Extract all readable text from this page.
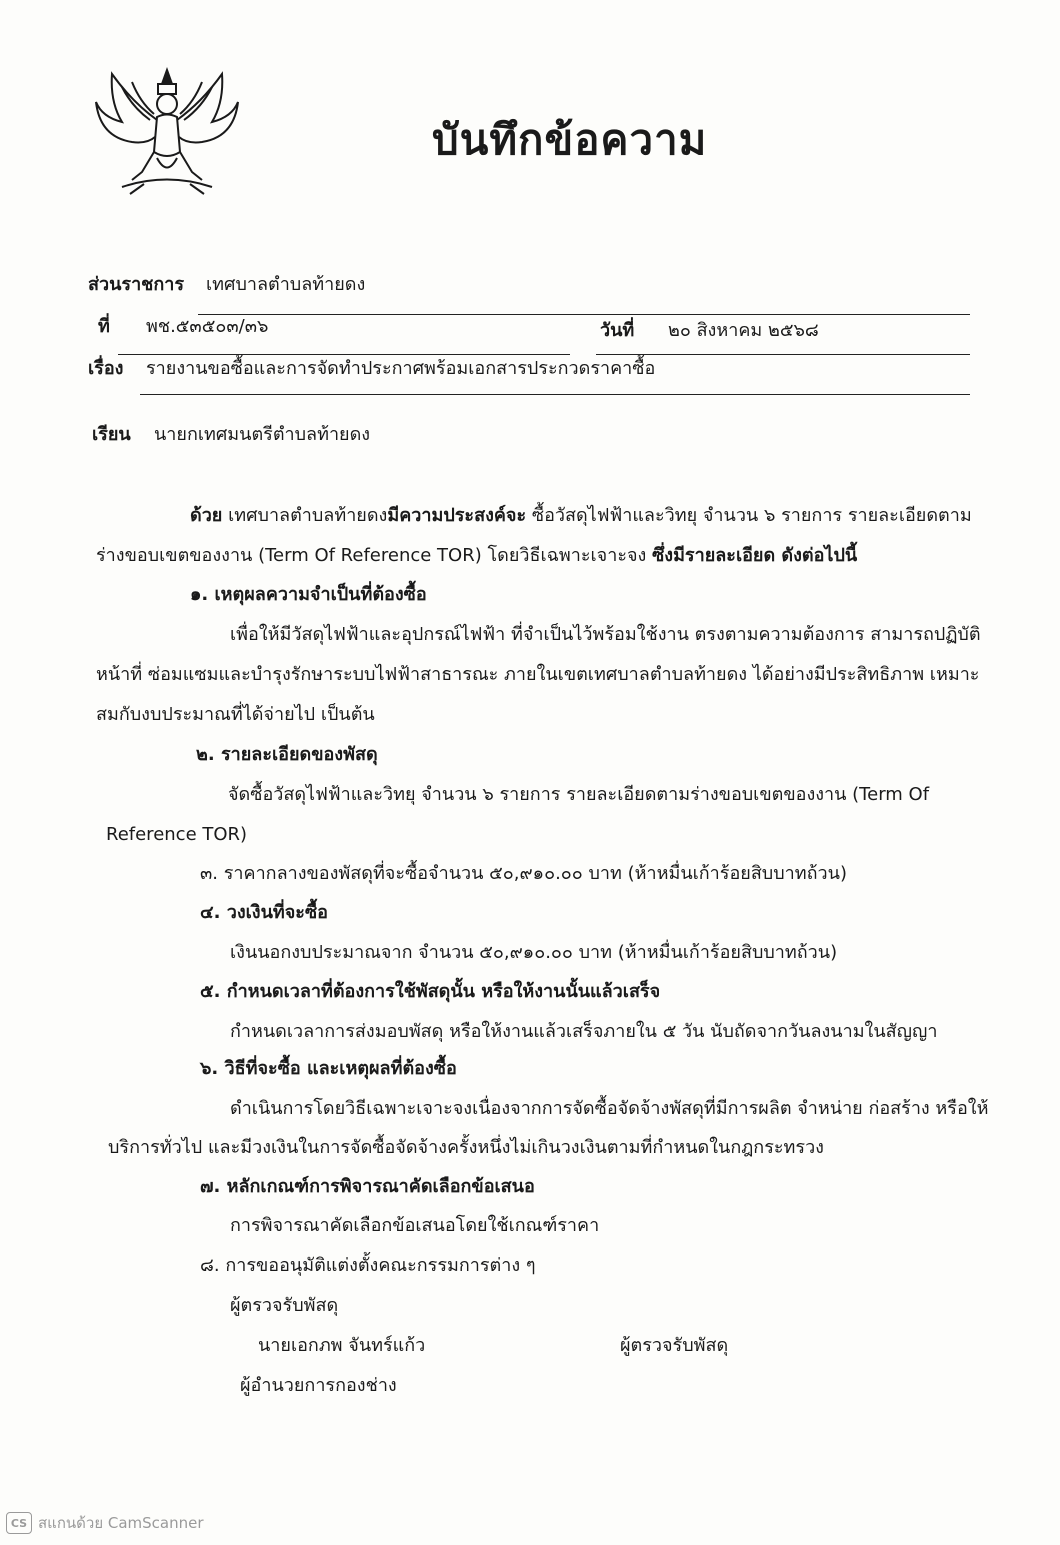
บันทึกข้อความ
ส่วนราชการ เทศบาลตำบลท้ายดง
ที่ พช.๕๓๕๐๓/๓๖	วันที่ ๒๐ สิงหาคม ๒๕๖๘
เรื่อง รายงานขอซื้อและการจัดทำประกาศพร้อมเอกสารประกวดราคาซื้อ
เรียน นายกเทศมนตรีตำบลท้ายดง
ด้วย เทศบาลตำบลท้ายดงมีความประสงค์จะ ซื้อวัสดุไฟฟ้าและวิทยุ จำนวน ๖ รายการ รายละเอียดตาม
ร่างขอบเขตของงาน (Term Of Reference TOR) โดยวิธีเฉพาะเจาะจง ซึ่งมีรายละเอียด ดังต่อไปนี้
๑. เหตุผลความจำเป็นที่ต้องซื้อ
เพื่อให้มีวัสดุไฟฟ้าและอุปกรณ์ไฟฟ้า ที่จำเป็นไว้พร้อมใช้งาน ตรงตามความต้องการ สามารถปฏิบัติ
หน้าที่ ซ่อมแซมและบำรุงรักษาระบบไฟฟ้าสาธารณะ ภายในเขตเทศบาลตำบลท้ายดง ได้อย่างมีประสิทธิภาพ เหมาะ
สมกับงบประมาณที่ได้จ่ายไป เป็นต้น
๒. รายละเอียดของพัสดุ
จัดซื้อวัสดุไฟฟ้าและวิทยุ จำนวน ๖ รายการ รายละเอียดตามร่างขอบเขตของงาน (Term Of
Reference TOR)
๓. ราคากลางของพัสดุที่จะซื้อจำนวน ๕๐,๙๑๐.๐๐ บาท (ห้าหมื่นเก้าร้อยสิบบาทถ้วน)
๔. วงเงินที่จะซื้อ
เงินนอกงบประมาณจาก จำนวน ๕๐,๙๑๐.๐๐ บาท (ห้าหมื่นเก้าร้อยสิบบาทถ้วน)
๕. กำหนดเวลาที่ต้องการใช้พัสดุนั้น หรือให้งานนั้นแล้วเสร็จ
กำหนดเวลาการส่งมอบพัสดุ หรือให้งานแล้วเสร็จภายใน ๕ วัน นับถัดจากวันลงนามในสัญญา
๖. วิธีที่จะซื้อ และเหตุผลที่ต้องซื้อ
ดำเนินการโดยวิธีเฉพาะเจาะจงเนื่องจากการจัดซื้อจัดจ้างพัสดุที่มีการผลิต จำหน่าย ก่อสร้าง หรือให้
บริการทั่วไป และมีวงเงินในการจัดซื้อจัดจ้างครั้งหนึ่งไม่เกินวงเงินตามที่กำหนดในกฎกระทรวง
๗. หลักเกณฑ์การพิจารณาคัดเลือกข้อเสนอ
การพิจารณาคัดเลือกข้อเสนอโดยใช้เกณฑ์ราคา
๘. การขออนุมัติแต่งตั้งคณะกรรมการต่าง ๆ
ผู้ตรวจรับพัสดุ
นายเอกภพ จันทร์แก้ว	ผู้ตรวจรับพัสดุ
ผู้อำนวยการกองช่าง
CS สแกนด้วย CamScanner
